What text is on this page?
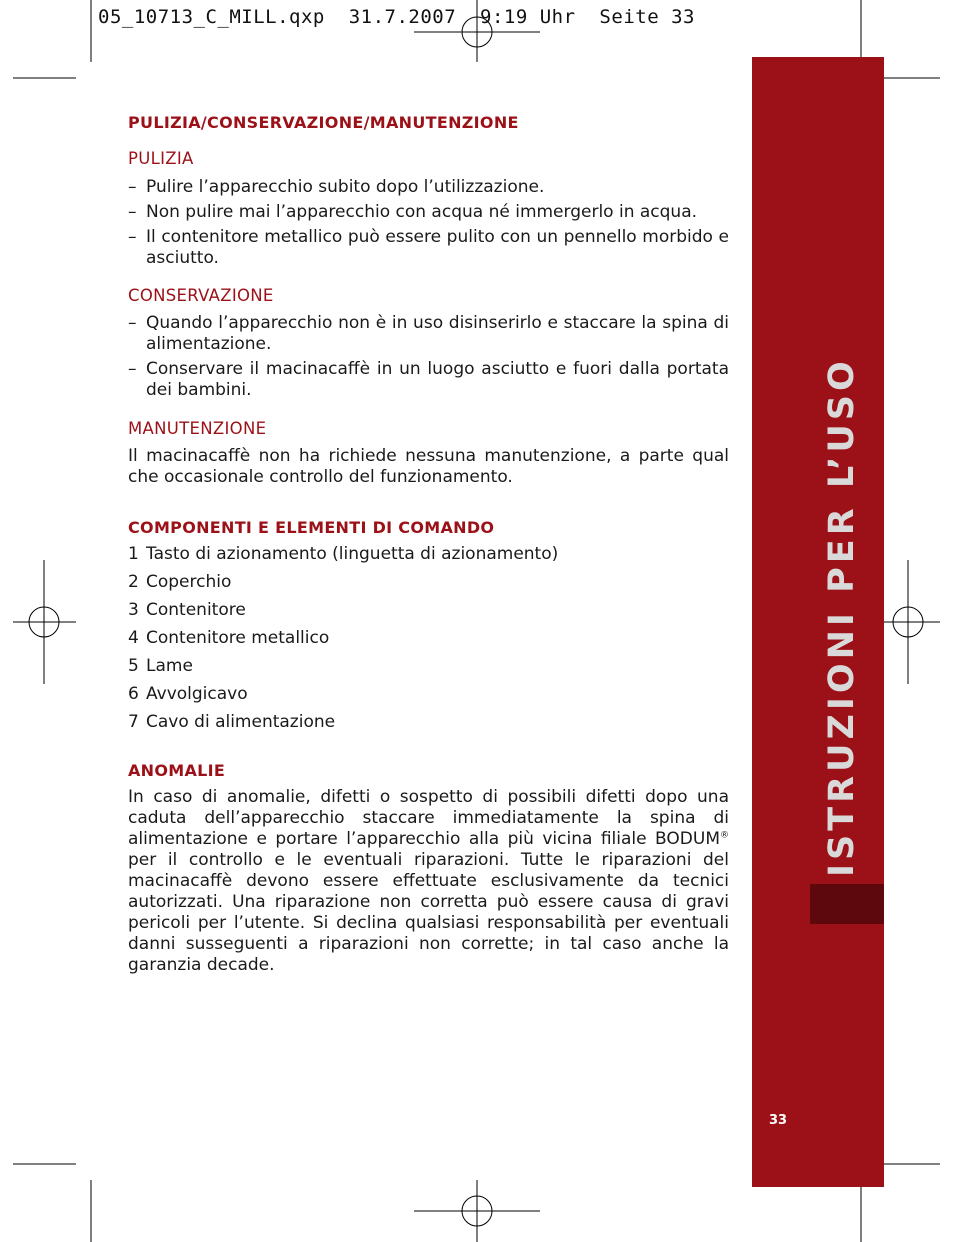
05_10713_C_MILL.qxp  31.7.2007  9:19 Uhr  Seite 33
ISTRUZIONI PER L’USO
33
PULIZIA/CONSERVAZIONE/MANUTENZIONE
PULIZIA
– Pulire l’apparecchio subito dopo l’utilizzazione.
– Non pulire mai l’apparecchio con acqua né immergerlo in acqua.
– Il contenitore metallico può essere pulito con un pennello morbido e asciutto.
CONSERVAZIONE
– Quando l’apparecchio non è in uso disinserirlo e staccare la spina di alimentazione.
– Conservare il macinacaffè in un luogo asciutto e fuori dalla portata dei bambini.
MANUTENZIONE

Il macinacaffè non ha richiede nessuna manutenzione, a parte qual che occasionale controllo del funzionamento.

COMPONENTI E ELEMENTI DI COMANDO
1 Tasto di azionamento (linguetta di azionamento)
2 Coperchio
3 Contenitore
4 Contenitore metallico
5 Lame
6 Avvolgicavo
7 Cavo di alimentazione
ANOMALIE

In caso di anomalie, difetti o sospetto di possibili difetti dopo una caduta dell’apparecchio staccare immediatamente la spina di alimentazione e portare l’apparecchio alla più vicina filiale BODUM® per il controllo e le eventuali riparazioni. Tutte le riparazioni del macinacaffè devono essere effettuate esclusivamente da tecnici autorizzati. Una riparazione non corretta può essere causa di gravi pericoli per l’utente. Si declina qualsiasi responsabilità per eventuali danni susseguenti a riparazioni non corrette; in tal caso anche la garanzia decade.
